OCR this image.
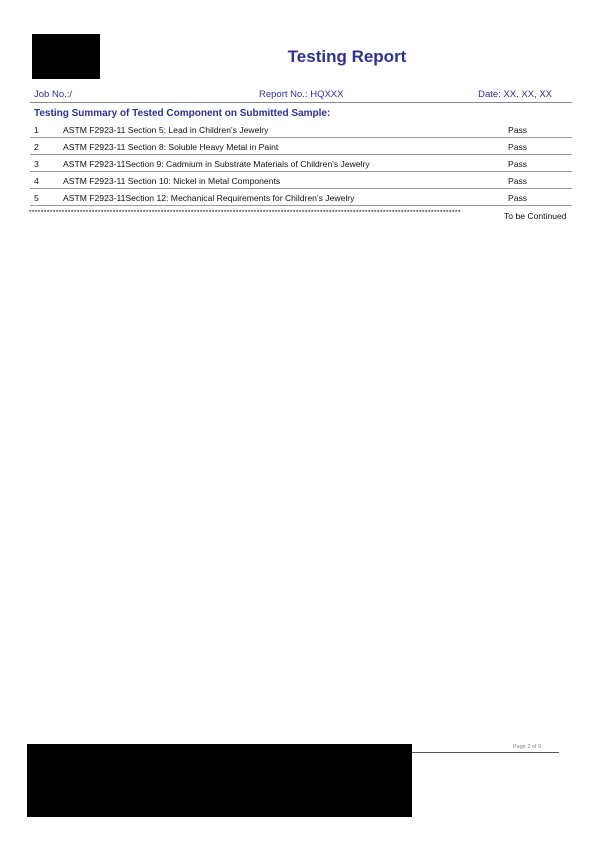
Testing Report
Job No.:/	Report No.: HQXXX	Date: XX. XX, XX
Testing Summary of Tested Component on Submitted Sample:
1	ASTM F2923-11 Section 5: Lead in Children's Jewelry	Pass
2	ASTM F2923-11 Section 8: Soluble Heavy Metal in Paint	Pass
3	ASTM F2923-11Section 9: Cadmium in Substrate Materials of Children's Jewelry	Pass
4	ASTM F2923-11 Section 10: Nickel in Metal Components	Pass
5	ASTM F2923-11Section 12: Mechanical Requirements for Children's Jewelry	Pass
************************************************************************************************************************************************	To be Continued
Page 2 of 6
